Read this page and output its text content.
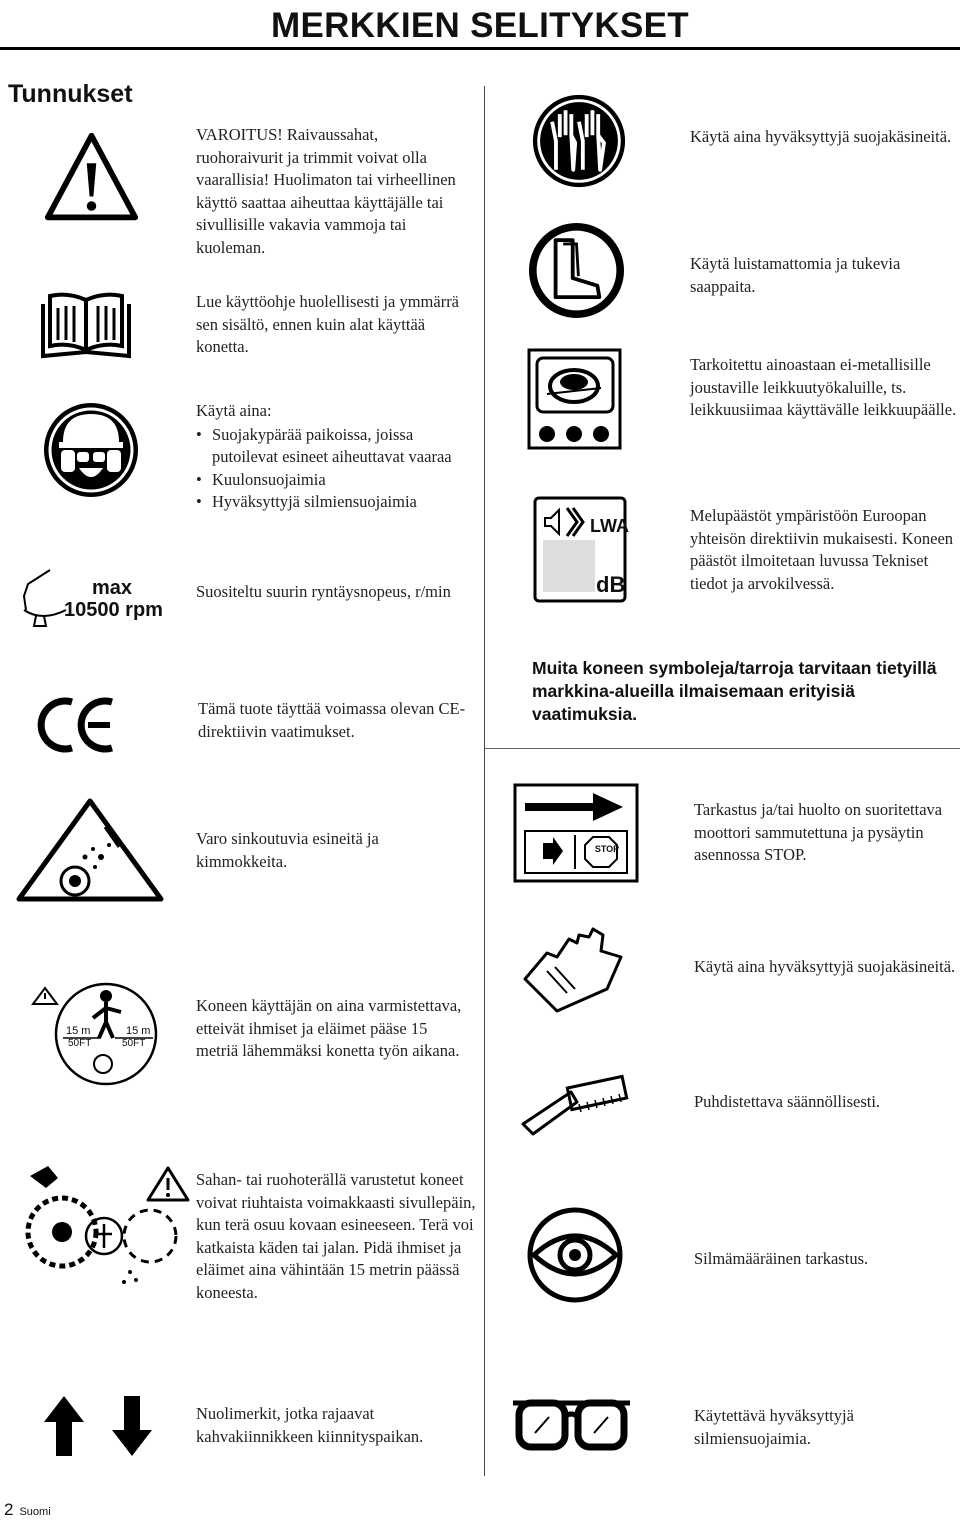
MERKKIEN SELITYKSET
Tunnukset
VAROITUS! Raivaussahat, ruohoraivurit ja trimmit voivat olla vaarallisia! Huolimaton tai virheellinen käyttö saattaa aiheuttaa käyttäjälle tai sivullisille vakavia vammoja tai kuoleman.
Lue käyttöohje huolellisesti ja ymmärrä sen sisältö, ennen kuin alat käyttää konetta.
Käytä aina:
• Suojakypärää paikoissa, joissa putoilevat esineet aiheuttavat vaaraa
• Kuulonsuojaimia
• Hyväksyttyjä silmiensuojaimia
max
10500 rpm
Suositeltu suurin ryntäysnopeus, r/min
Tämä tuote täyttää voimassa olevan CE-direktiivin vaatimukset.
Käytä aina hyväksyttyjä suojakäsineitä.
Käytä luistamattomia ja tukevia saappaita.
Tarkoitettu ainoastaan ei-metallisille joustaville leikkuutyökaluille, ts. leikkuusiimaa käyttävälle leikkuupäälle.
LWA
dB
Melupäästöt ympäristöön Euroopan yhteisön direktiivin mukaisesti. Koneen päästöt ilmoitetaan luvussa Tekniset tiedot ja arvokilvessä.
Muita koneen symboleja/tarroja tarvitaan tietyillä markkina-alueilla ilmaisemaan erityisiä vaatimuksia.
Varo sinkoutuvia esineitä ja kimmokkeita.
STOP
Tarkastus ja/tai huolto on suoritettava moottori sammutettuna ja pysäytin asennossa STOP.
15 m
50FT
15 m
50FT
Koneen käyttäjän on aina varmistettava, etteivät ihmiset ja eläimet pääse 15 metriä lähemmäksi konetta työn aikana.
Käytä aina hyväksyttyjä suojakäsineitä.
Puhdistettava säännöllisesti.
Sahan- tai ruohoterällä varustetut koneet voivat riuhtaista voimakkaasti sivullepäin, kun terä osuu kovaan esineeseen. Terä voi katkaista käden tai jalan. Pidä ihmiset ja eläimet aina vähintään 15 metrin päässä koneesta.
Silmämääräinen tarkastus.
Nuolimerkit, jotka rajaavat kahvakiinnikkeen kiinnityspaikan.
Käytettävä hyväksyttyjä silmiensuojaimia.
2 Suomi
